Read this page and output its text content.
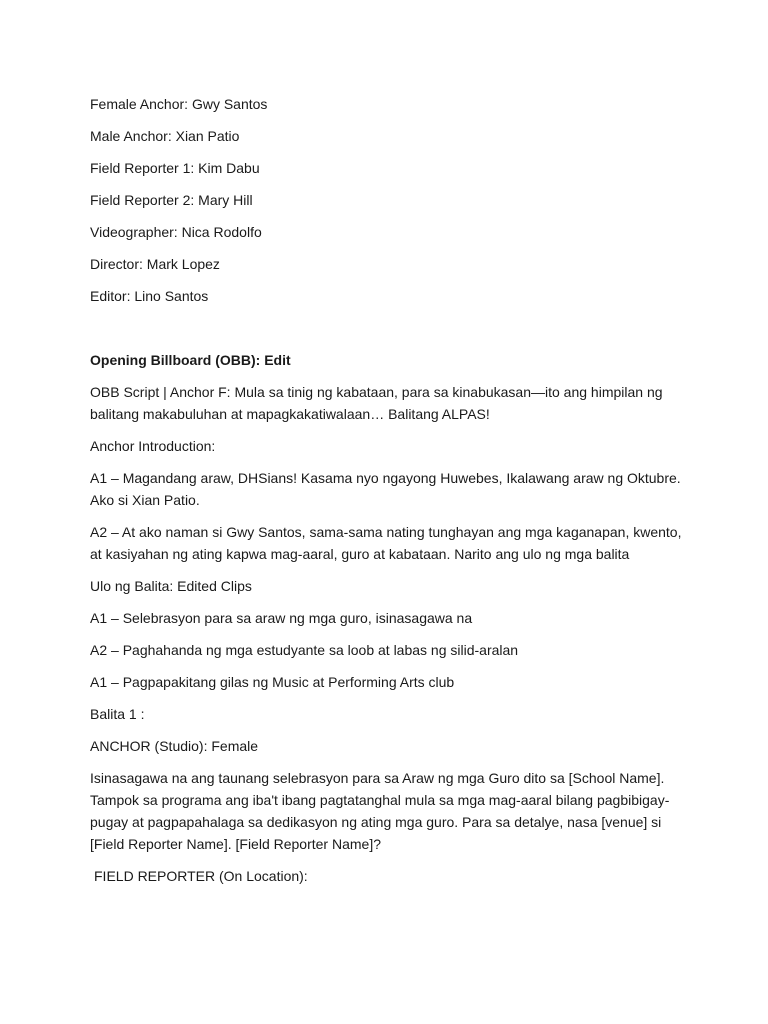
Female Anchor: Gwy Santos

Male Anchor: Xian Patio

Field Reporter 1: Kim Dabu

Field Reporter 2: Mary Hill

Videographer: Nica Rodolfo

Director: Mark Lopez

Editor: Lino Santos

Opening Billboard (OBB): Edit

OBB Script | Anchor F: Mula sa tinig ng kabataan, para sa kinabukasan—ito ang himpilan ng balitang makabuluhan at mapagkakatiwalaan… Balitang ALPAS!

Anchor Introduction:

A1 – Magandang araw, DHSians! Kasama nyo ngayong Huwebes, Ikalawang araw ng Oktubre. Ako si Xian Patio.

A2 – At ako naman si Gwy Santos, sama-sama nating tunghayan ang mga kaganapan, kwento, at kasiyahan ng ating kapwa mag-aaral, guro at kabataan. Narito ang ulo ng mga balita

Ulo ng Balita: Edited Clips

A1 – Selebrasyon para sa araw ng mga guro, isinasagawa na

A2 – Paghahanda ng mga estudyante sa loob at labas ng silid-aralan

A1 – Pagpapakitang gilas ng Music at Performing Arts club

Balita 1 :

ANCHOR (Studio): Female

Isinasagawa na ang taunang selebrasyon para sa Araw ng mga Guro dito sa [School Name]. Tampok sa programa ang iba't ibang pagtatanghal mula sa mga mag-aaral bilang pagbibigay-pugay at pagpapahalaga sa dedikasyon ng ating mga guro. Para sa detalye, nasa [venue] si [Field Reporter Name]. [Field Reporter Name]?

FIELD REPORTER (On Location):
